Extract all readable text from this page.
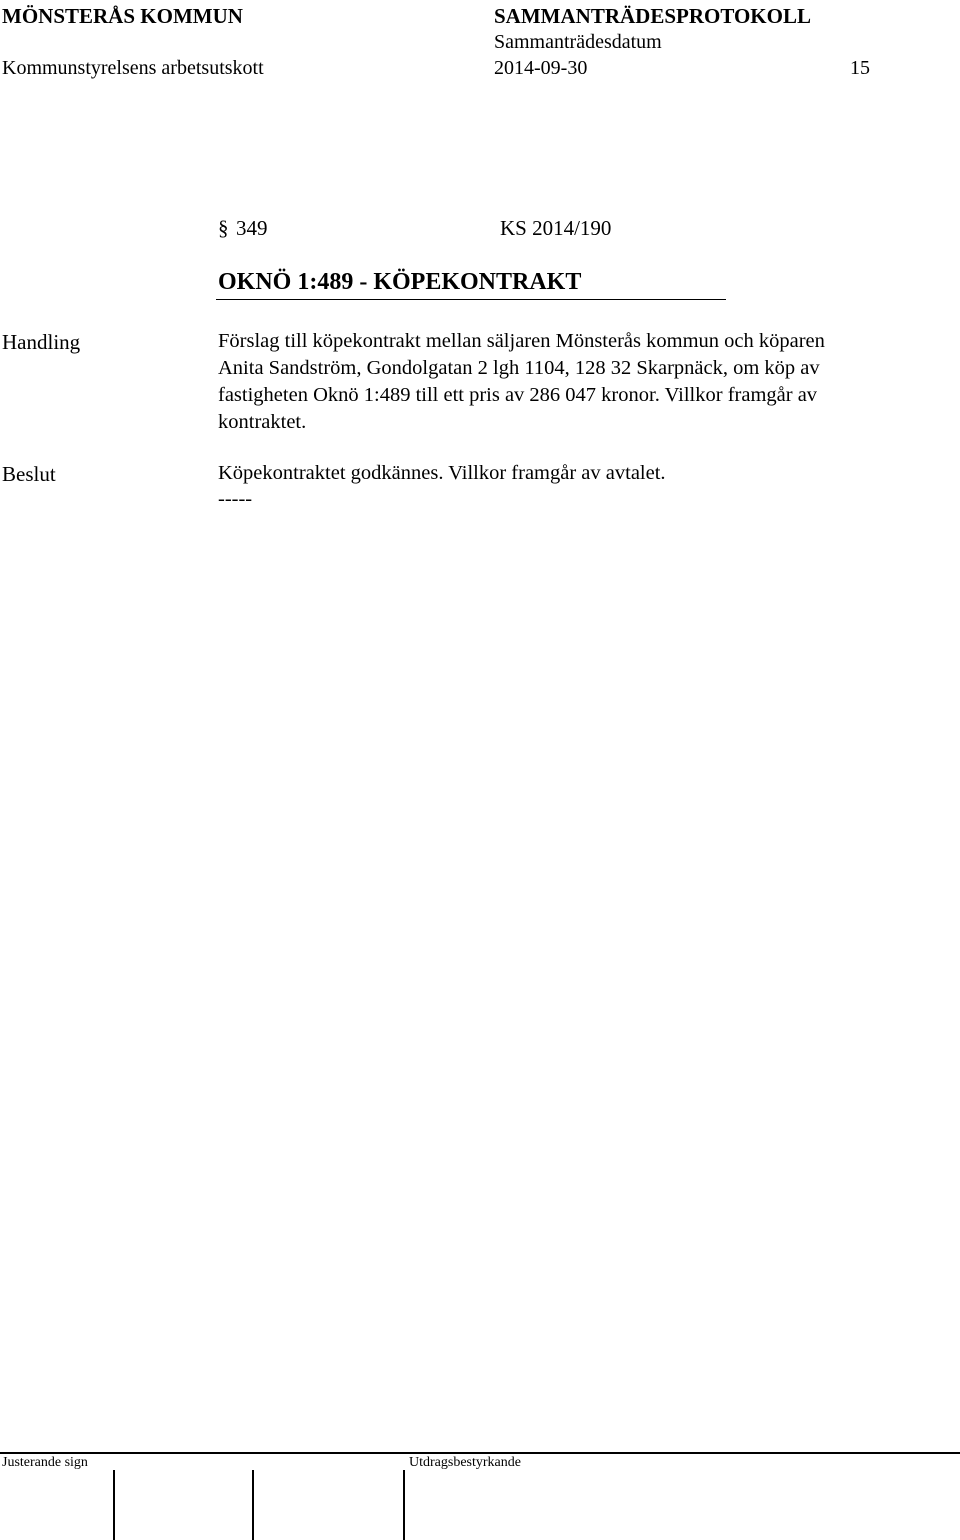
MÖNSTERÅS KOMMUN	SAMMANTRÄDESPROTOKOLL
Sammanträdesdatum
Kommunstyrelsens arbetsutskott	2014-09-30	15
§ 349	KS 2014/190
OKNÖ 1:489 - KÖPEKONTRAKT
Handling	Förslag till köpekontrakt mellan säljaren Mönsterås kommun och köparen
Anita Sandström, Gondolgatan 2 lgh 1104, 128 32 Skarpnäck, om köp av
fastigheten Oknö 1:489 till ett pris av 286 047 kronor. Villkor framgår av
kontraktet.
Beslut	Köpekontraktet godkännes. Villkor framgår av avtalet.
-----
Justerande sign	Utdragsbestyrkande
